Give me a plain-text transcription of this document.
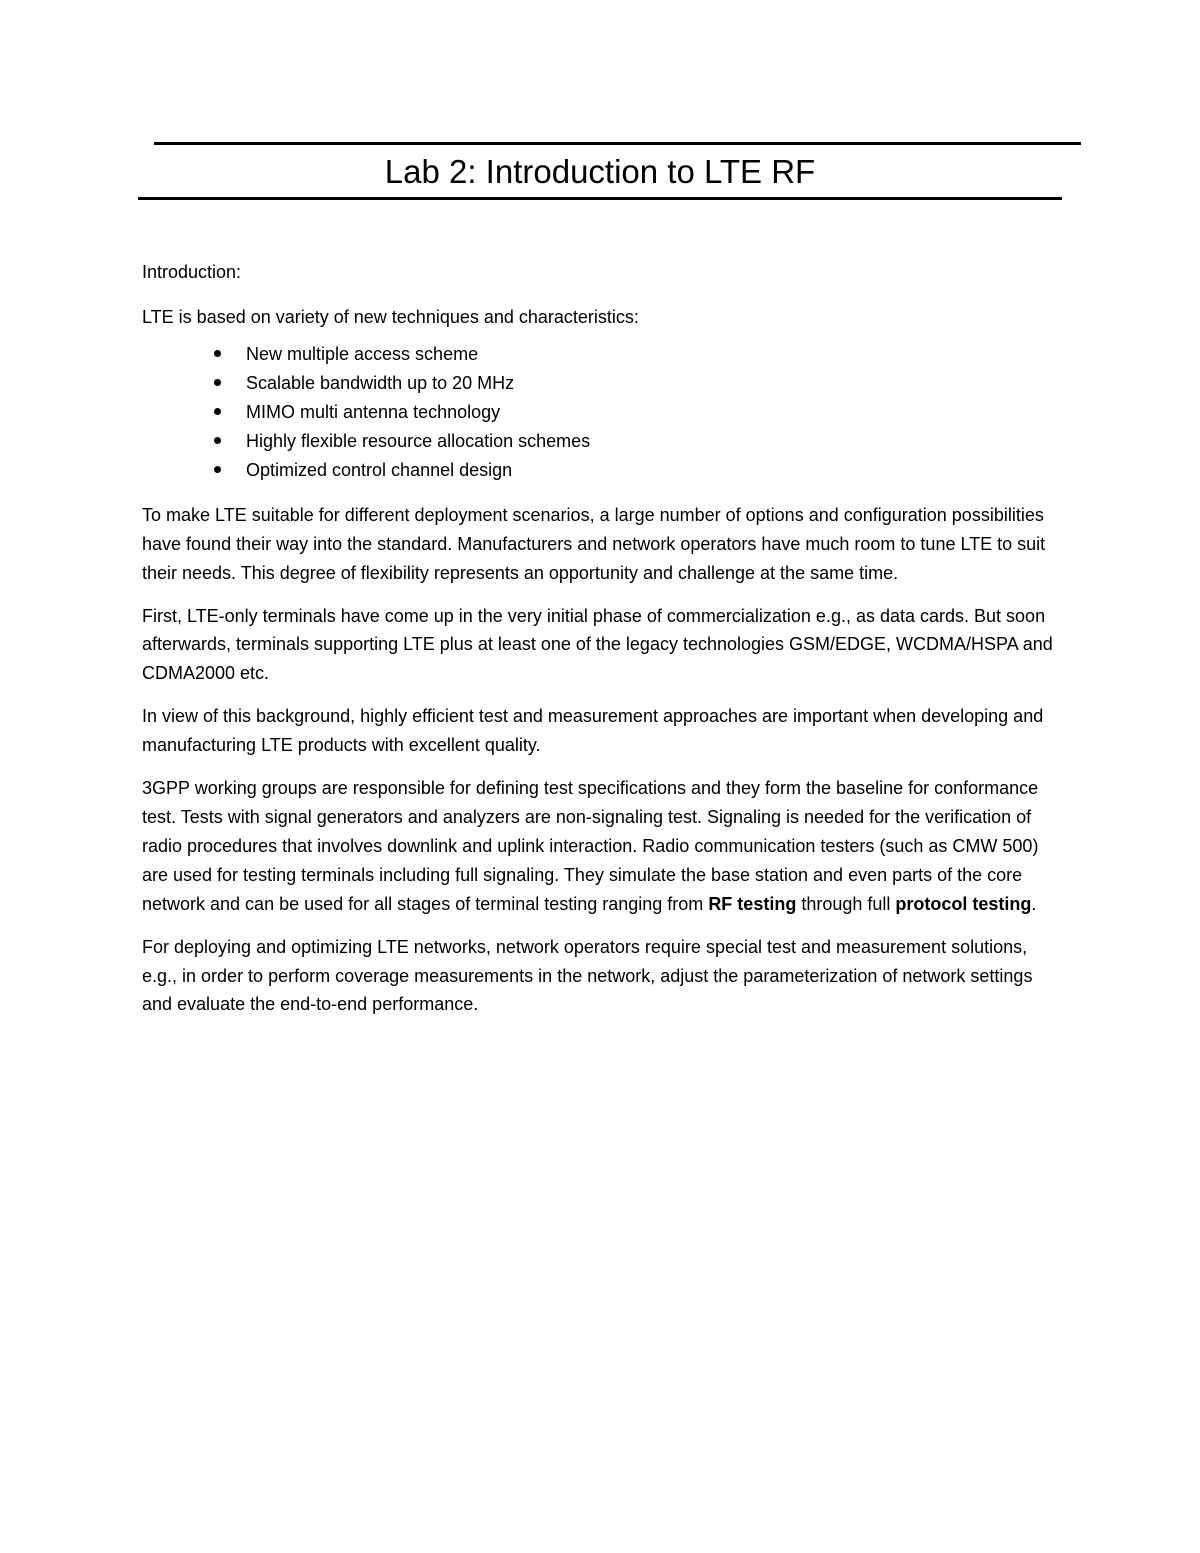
Lab 2: Introduction to LTE RF

Introduction:

LTE is based on variety of new techniques and characteristics:

New multiple access scheme
Scalable bandwidth up to 20 MHz
MIMO multi antenna technology
Highly flexible resource allocation schemes
Optimized control channel design

To make LTE suitable for different deployment scenarios, a large number of options and configuration possibilities have found their way into the standard. Manufacturers and network operators have much room to tune LTE to suit their needs. This degree of flexibility represents an opportunity and challenge at the same time.

First, LTE-only terminals have come up in the very initial phase of commercialization e.g., as data cards. But soon afterwards, terminals supporting LTE plus at least one of the legacy technologies GSM/EDGE, WCDMA/HSPA and CDMA2000 etc.

In view of this background, highly efficient test and measurement approaches are important when developing and manufacturing LTE products with excellent quality.

3GPP working groups are responsible for defining test specifications and they form the baseline for conformance test. Tests with signal generators and analyzers are non-signaling test. Signaling is needed for the verification of radio procedures that involves downlink and uplink interaction. Radio communication testers (such as CMW 500) are used for testing terminals including full signaling. They simulate the base station and even parts of the core network and can be used for all stages of terminal testing ranging from RF testing through full protocol testing.

For deploying and optimizing LTE networks, network operators require special test and measurement solutions, e.g., in order to perform coverage measurements in the network, adjust the parameterization of network settings and evaluate the end-to-end performance.
